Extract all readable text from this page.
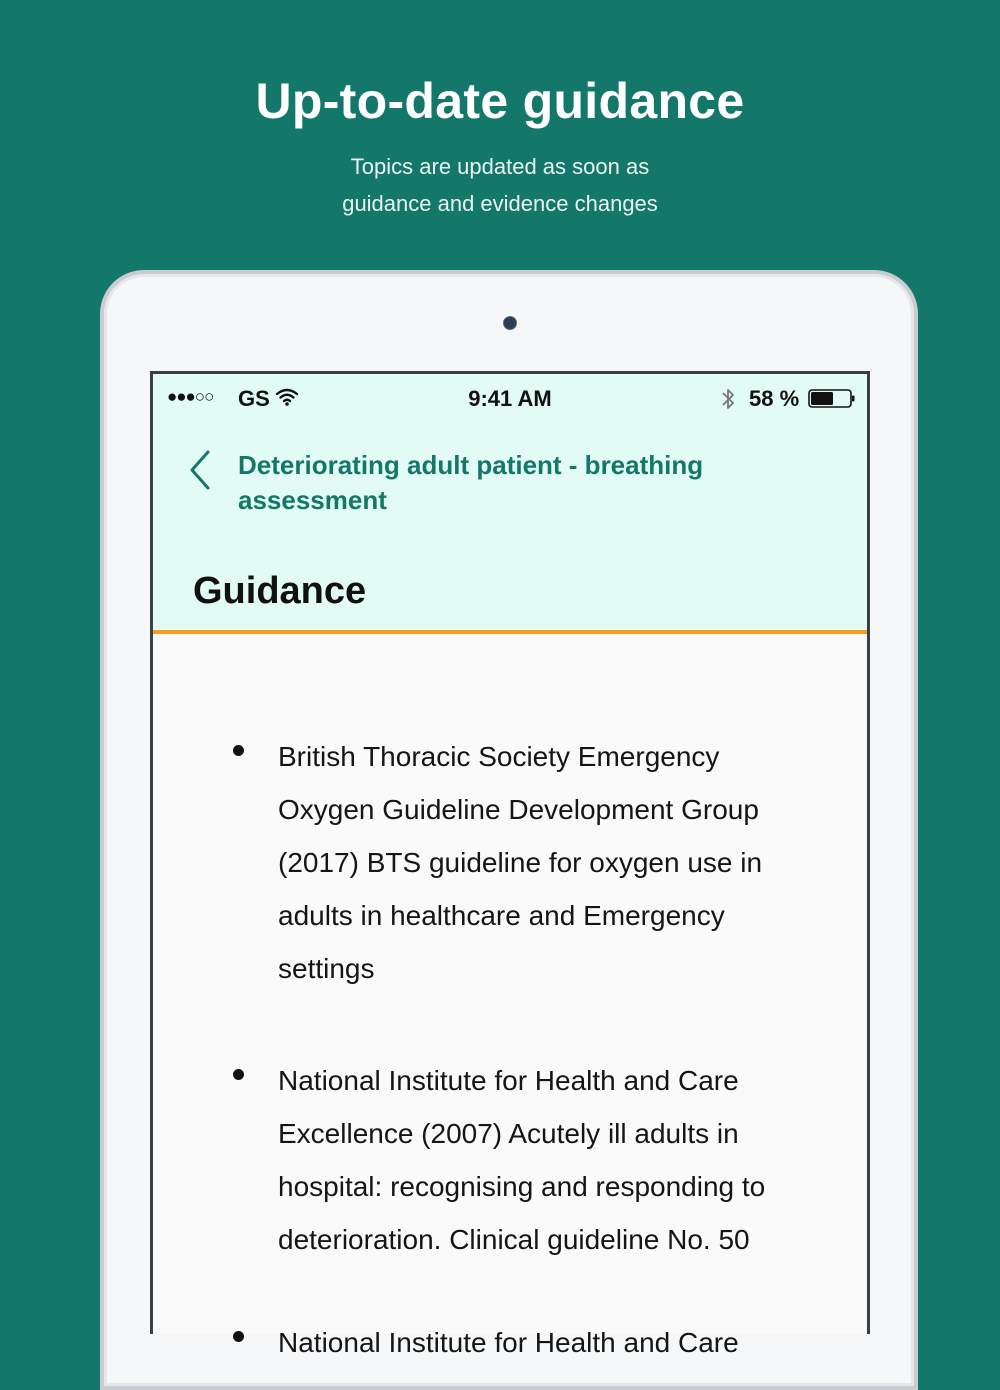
Up-to-date guidance
Topics are updated as soon as
guidance and evidence changes
●●●○○ GS	9:41 AM	58 %
Deteriorating adult patient - breathing assessment
Guidance
British Thoracic Society Emergency Oxygen Guideline Development Group (2017) BTS guideline for oxygen use in adults in healthcare and Emergency settings
National Institute for Health and Care Excellence (2007) Acutely ill adults in hospital: recognising and responding to deterioration. Clinical guideline No. 50
National Institute for Health and Care
